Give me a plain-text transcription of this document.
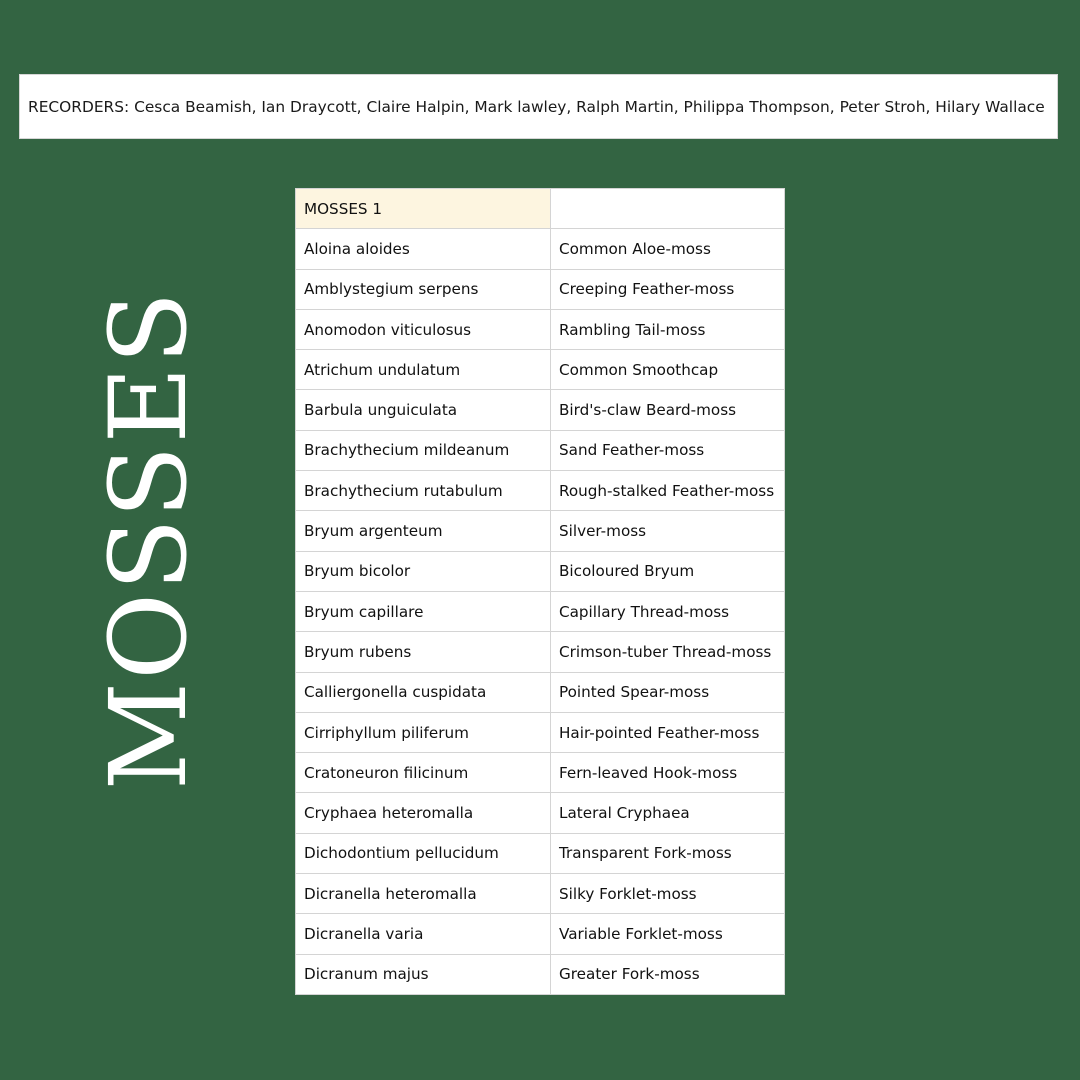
RECORDERS: Cesca Beamish, Ian Draycott, Claire Halpin, Mark lawley, Ralph Martin, Philippa Thompson, Peter Stroh, Hilary Wallace
MOSSES
MOSSES 1	
Aloina aloides	Common Aloe-moss
Amblystegium serpens	Creeping Feather-moss
Anomodon viticulosus	Rambling Tail-moss
Atrichum undulatum	Common Smoothcap
Barbula unguiculata	Bird's-claw Beard-moss
Brachythecium mildeanum	Sand Feather-moss
Brachythecium rutabulum	Rough-stalked Feather-moss
Bryum argenteum	Silver-moss
Bryum bicolor	Bicoloured Bryum
Bryum capillare	Capillary Thread-moss
Bryum rubens	Crimson-tuber Thread-moss
Calliergonella cuspidata	Pointed Spear-moss
Cirriphyllum piliferum	Hair-pointed Feather-moss
Cratoneuron filicinum	Fern-leaved Hook-moss
Cryphaea heteromalla	Lateral Cryphaea
Dichodontium pellucidum	Transparent Fork-moss
Dicranella heteromalla	Silky Forklet-moss
Dicranella varia	Variable Forklet-moss
Dicranum majus	Greater Fork-moss
